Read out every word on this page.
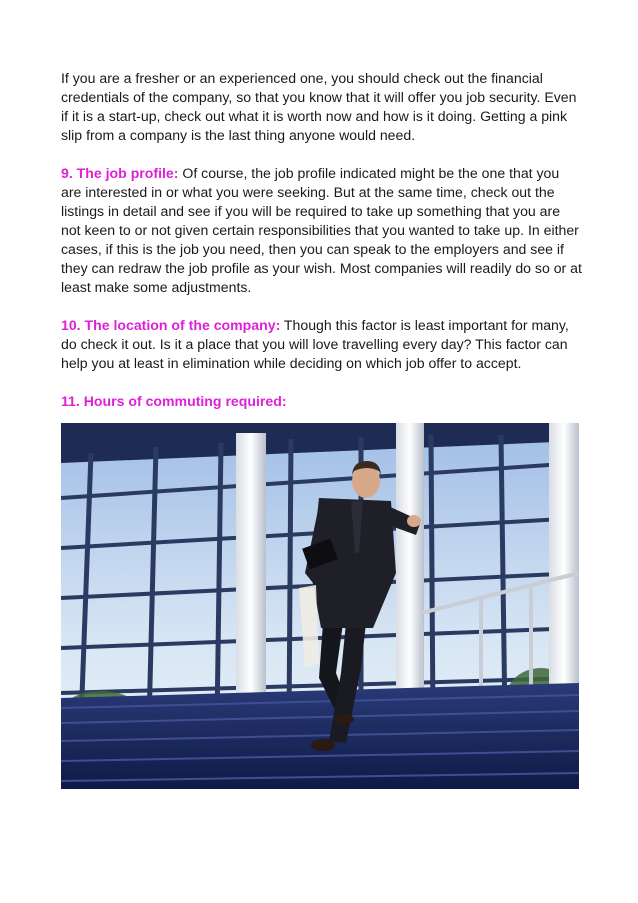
If you are a fresher or an experienced one, you should check out the financial credentials of the company, so that you know that it will offer you job security. Even if it is a start-up, check out what it is worth now and how is it doing. Getting a pink slip from a company is the last thing anyone would need.

9. The job profile: Of course, the job profile indicated might be the one that you are interested in or what you were seeking. But at the same time, check out the listings in detail and see if you will be required to take up something that you are not keen to or not given certain responsibilities that you wanted to take up. In either cases, if this is the job you need, then you can speak to the employers and see if they can redraw the job profile as your wish. Most companies will readily do so or at least make some adjustments.

10. The location of the company: Though this factor is least important for many, do check it out. Is it a place that you will love travelling every day? This factor can help you at least in elimination while deciding on which job offer to accept.

11. Hours of commuting required:
